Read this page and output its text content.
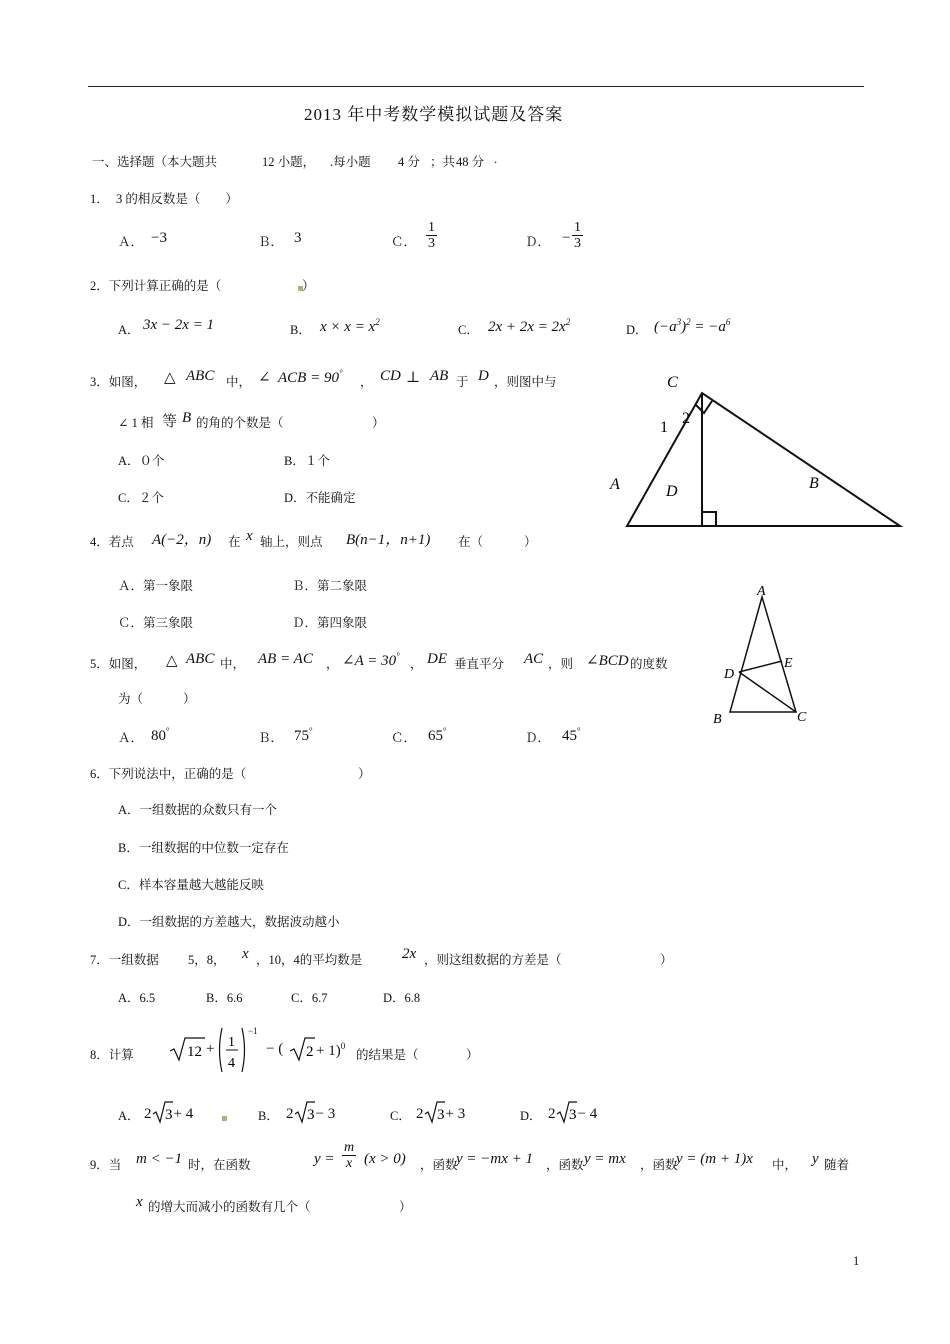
2013 年中考数学模拟试题及答案
一、选择题（本大题共	12 小题， .每小题 4 分 ；共 48 分 .
1． 3 的相反数是（　　）
Ａ． −3	Ｂ． 3	Ｃ． $\frac{1}{3}$	Ｄ． − $\frac{1}{3}$
2．下列计算正确的是（	）
A． 3x − 2x = 1	B． $x \times x = x^2$
C． $2x + 2x = 2x^2$
D． $(-a^3)^2 = -a^6$
3．如图， △ ABC 中， ∠ ACB = 90°
， CD ⊥ AB 于 D ，则图中与
∠ 1 相 等 B 的角的个数是（	）
A．０个	B．１个
C．２个	D．不能确定
C
1
2
A	D	B
4．若点 A(−2，n) 在 x 轴上，则点 B(n−1，n+1) 在（	）
Ａ．第一象限	Ｂ．第二象限
Ｃ．第三象限	Ｄ．第四象限
A
E
D
B	C
5．如图， △ ABC 中， AB = AC ， ∠A = 30°
， DE 垂直平分 AC ，则 ∠BCD 的度数
为（	）
Ａ． 80°	Ｂ． 75°	Ｃ． 65°	Ｄ． 45°
6．下列说法中，正确的是（	）
A．一组数据的众数只有一个
B．一组数据的中位数一定存在
C．样本容量越大越能反映
D．一组数据的方差越大，数据波动越小
7．一组数据 5，8， x ，10，4的平均数是	2x ，则这组数据的方差是（	）
A．6.5	B．6.6	C．6.7	D．6.8
8．计算	12 + 1
4
−1
− ( 2 + 1)$^0$
的结果是（	）
A． 2 3 + 4	B． 2 3 − 3	C． 2 3 + 3	D． 2 3 − 4
9．当 m < −1 时，在函数	$y = \frac{m}{x} (x > 0)$ ，函数
y = −mx + 1 ，函数 y = mx ，函数
y = (m + 1)x 中， y 随着
x 的增大而减小的函数有几个（	）
1
